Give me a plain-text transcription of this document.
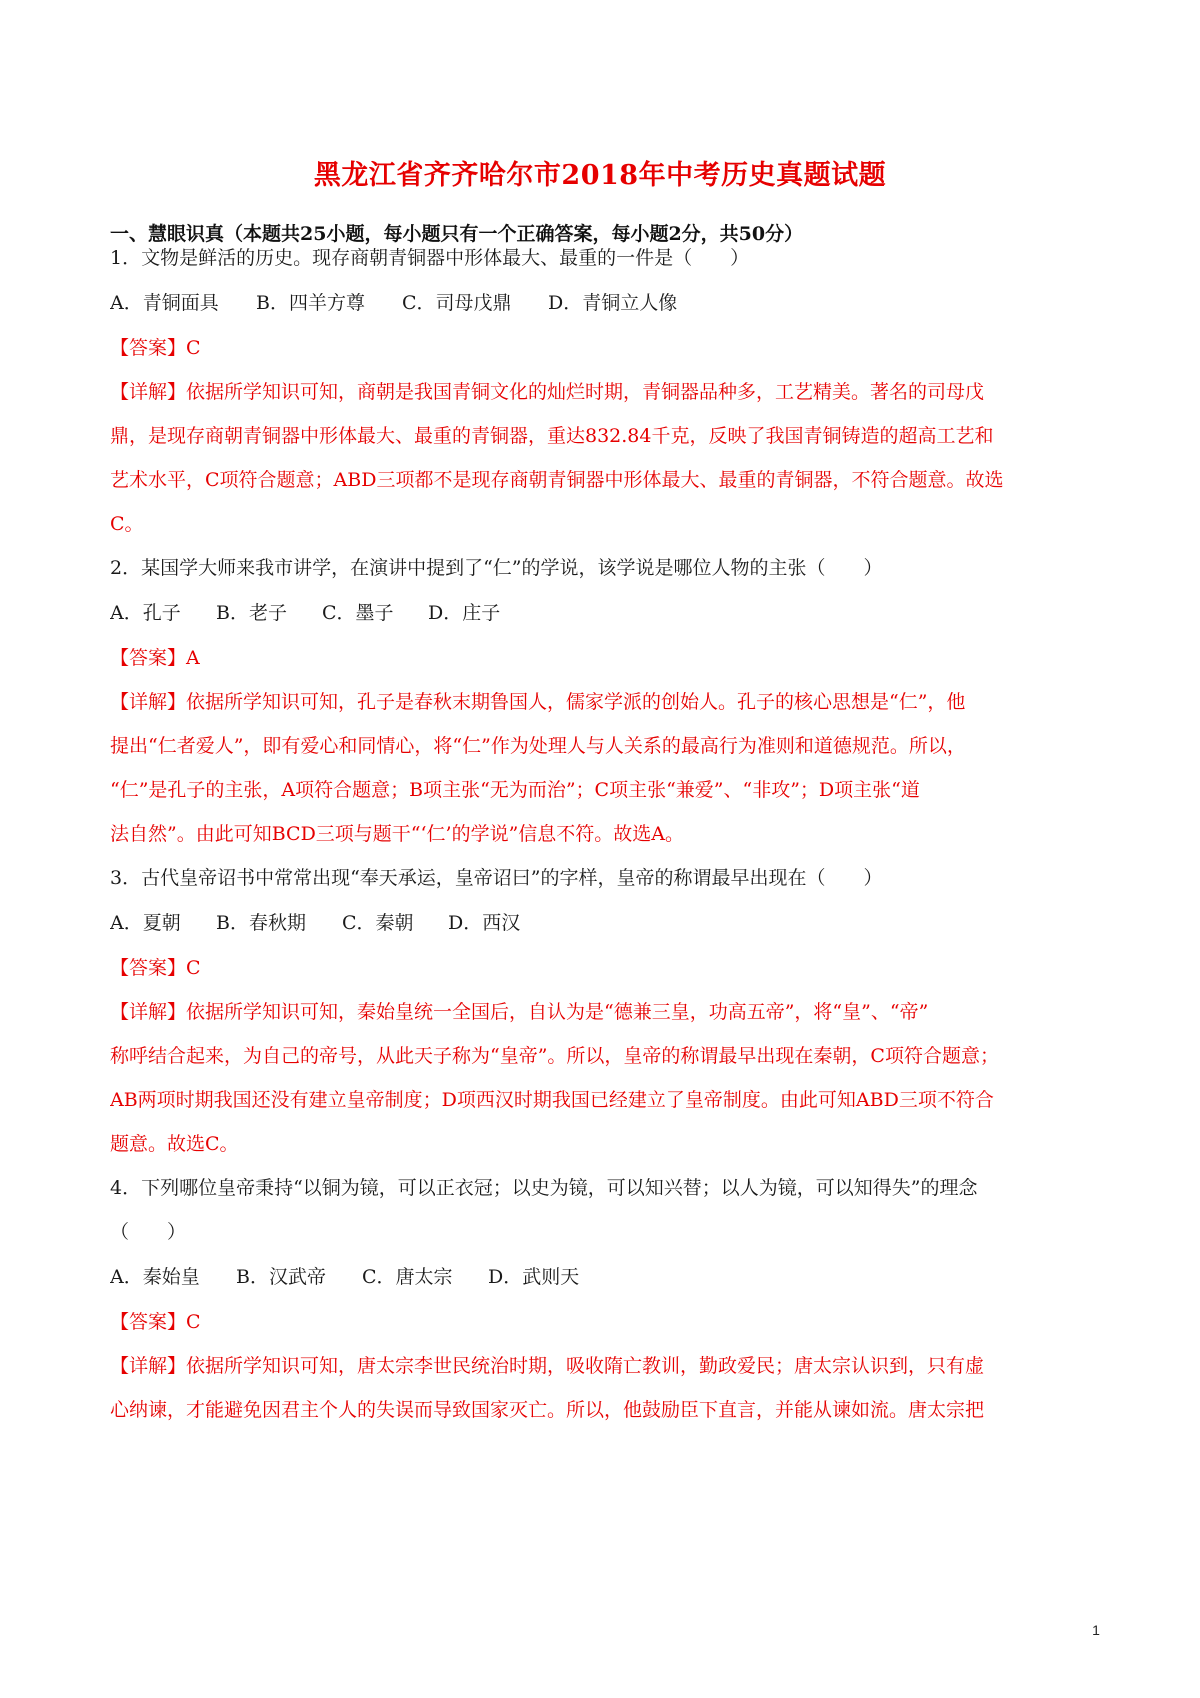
黑龙江省齐齐哈尔市2018年中考历史真题试题
一、慧眼识真（本题共25小题，每小题只有一个正确答案，每小题2分，共50分）
1．文物是鲜活的历史。现存商朝青铜器中形体最大、最重的一件是（　　）
A．青铜面具 B．四羊方尊 C．司母戊鼎 D．青铜立人像
【答案】C
【详解】依据所学知识可知，商朝是我国青铜文化的灿烂时期，青铜器品种多，工艺精美。著名的司母戊
鼎，是现存商朝青铜器中形体最大、最重的青铜器，重达832.84千克，反映了我国青铜铸造的超高工艺和
艺术水平，C项符合题意；ABD三项都不是现存商朝青铜器中形体最大、最重的青铜器，不符合题意。故选
C。
2．某国学大师来我市讲学，在演讲中提到了“仁”的学说，该学说是哪位人物的主张（　　）
A．孔子 B．老子 C．墨子 D．庄子
【答案】A
【详解】依据所学知识可知，孔子是春秋末期鲁国人，儒家学派的创始人。孔子的核心思想是“仁”，他
提出“仁者爱人”，即有爱心和同情心，将“仁”作为处理人与人关系的最高行为准则和道德规范。所以，
“仁”是孔子的主张，A项符合题意；B项主张“无为而治”；C项主张“兼爱”、“非攻”；D项主张“道
法自然”。由此可知BCD三项与题干“‘仁’的学说”信息不符。故选A。
3．古代皇帝诏书中常常出现“奉天承运，皇帝诏曰”的字样，皇帝的称谓最早出现在（　　）
A．夏朝 B．春秋期 C．秦朝 D．西汉
【答案】C
【详解】依据所学知识可知，秦始皇统一全国后，自认为是“德兼三皇，功高五帝”，将“皇”、“帝”
称呼结合起来，为自己的帝号，从此天子称为“皇帝”。所以，皇帝的称谓最早出现在秦朝，C项符合题意；
AB两项时期我国还没有建立皇帝制度；D项西汉时期我国已经建立了皇帝制度。由此可知ABD三项不符合
题意。故选C。
4．下列哪位皇帝秉持“以铜为镜，可以正衣冠；以史为镜，可以知兴替；以人为镜，可以知得失”的理念
（　　）
A．秦始皇 B．汉武帝 C．唐太宗 D．武则天
【答案】C
【详解】依据所学知识可知，唐太宗李世民统治时期，吸收隋亡教训，勤政爱民；唐太宗认识到，只有虚
心纳谏，才能避免因君主个人的失误而导致国家灭亡。所以，他鼓励臣下直言，并能从谏如流。唐太宗把
1
